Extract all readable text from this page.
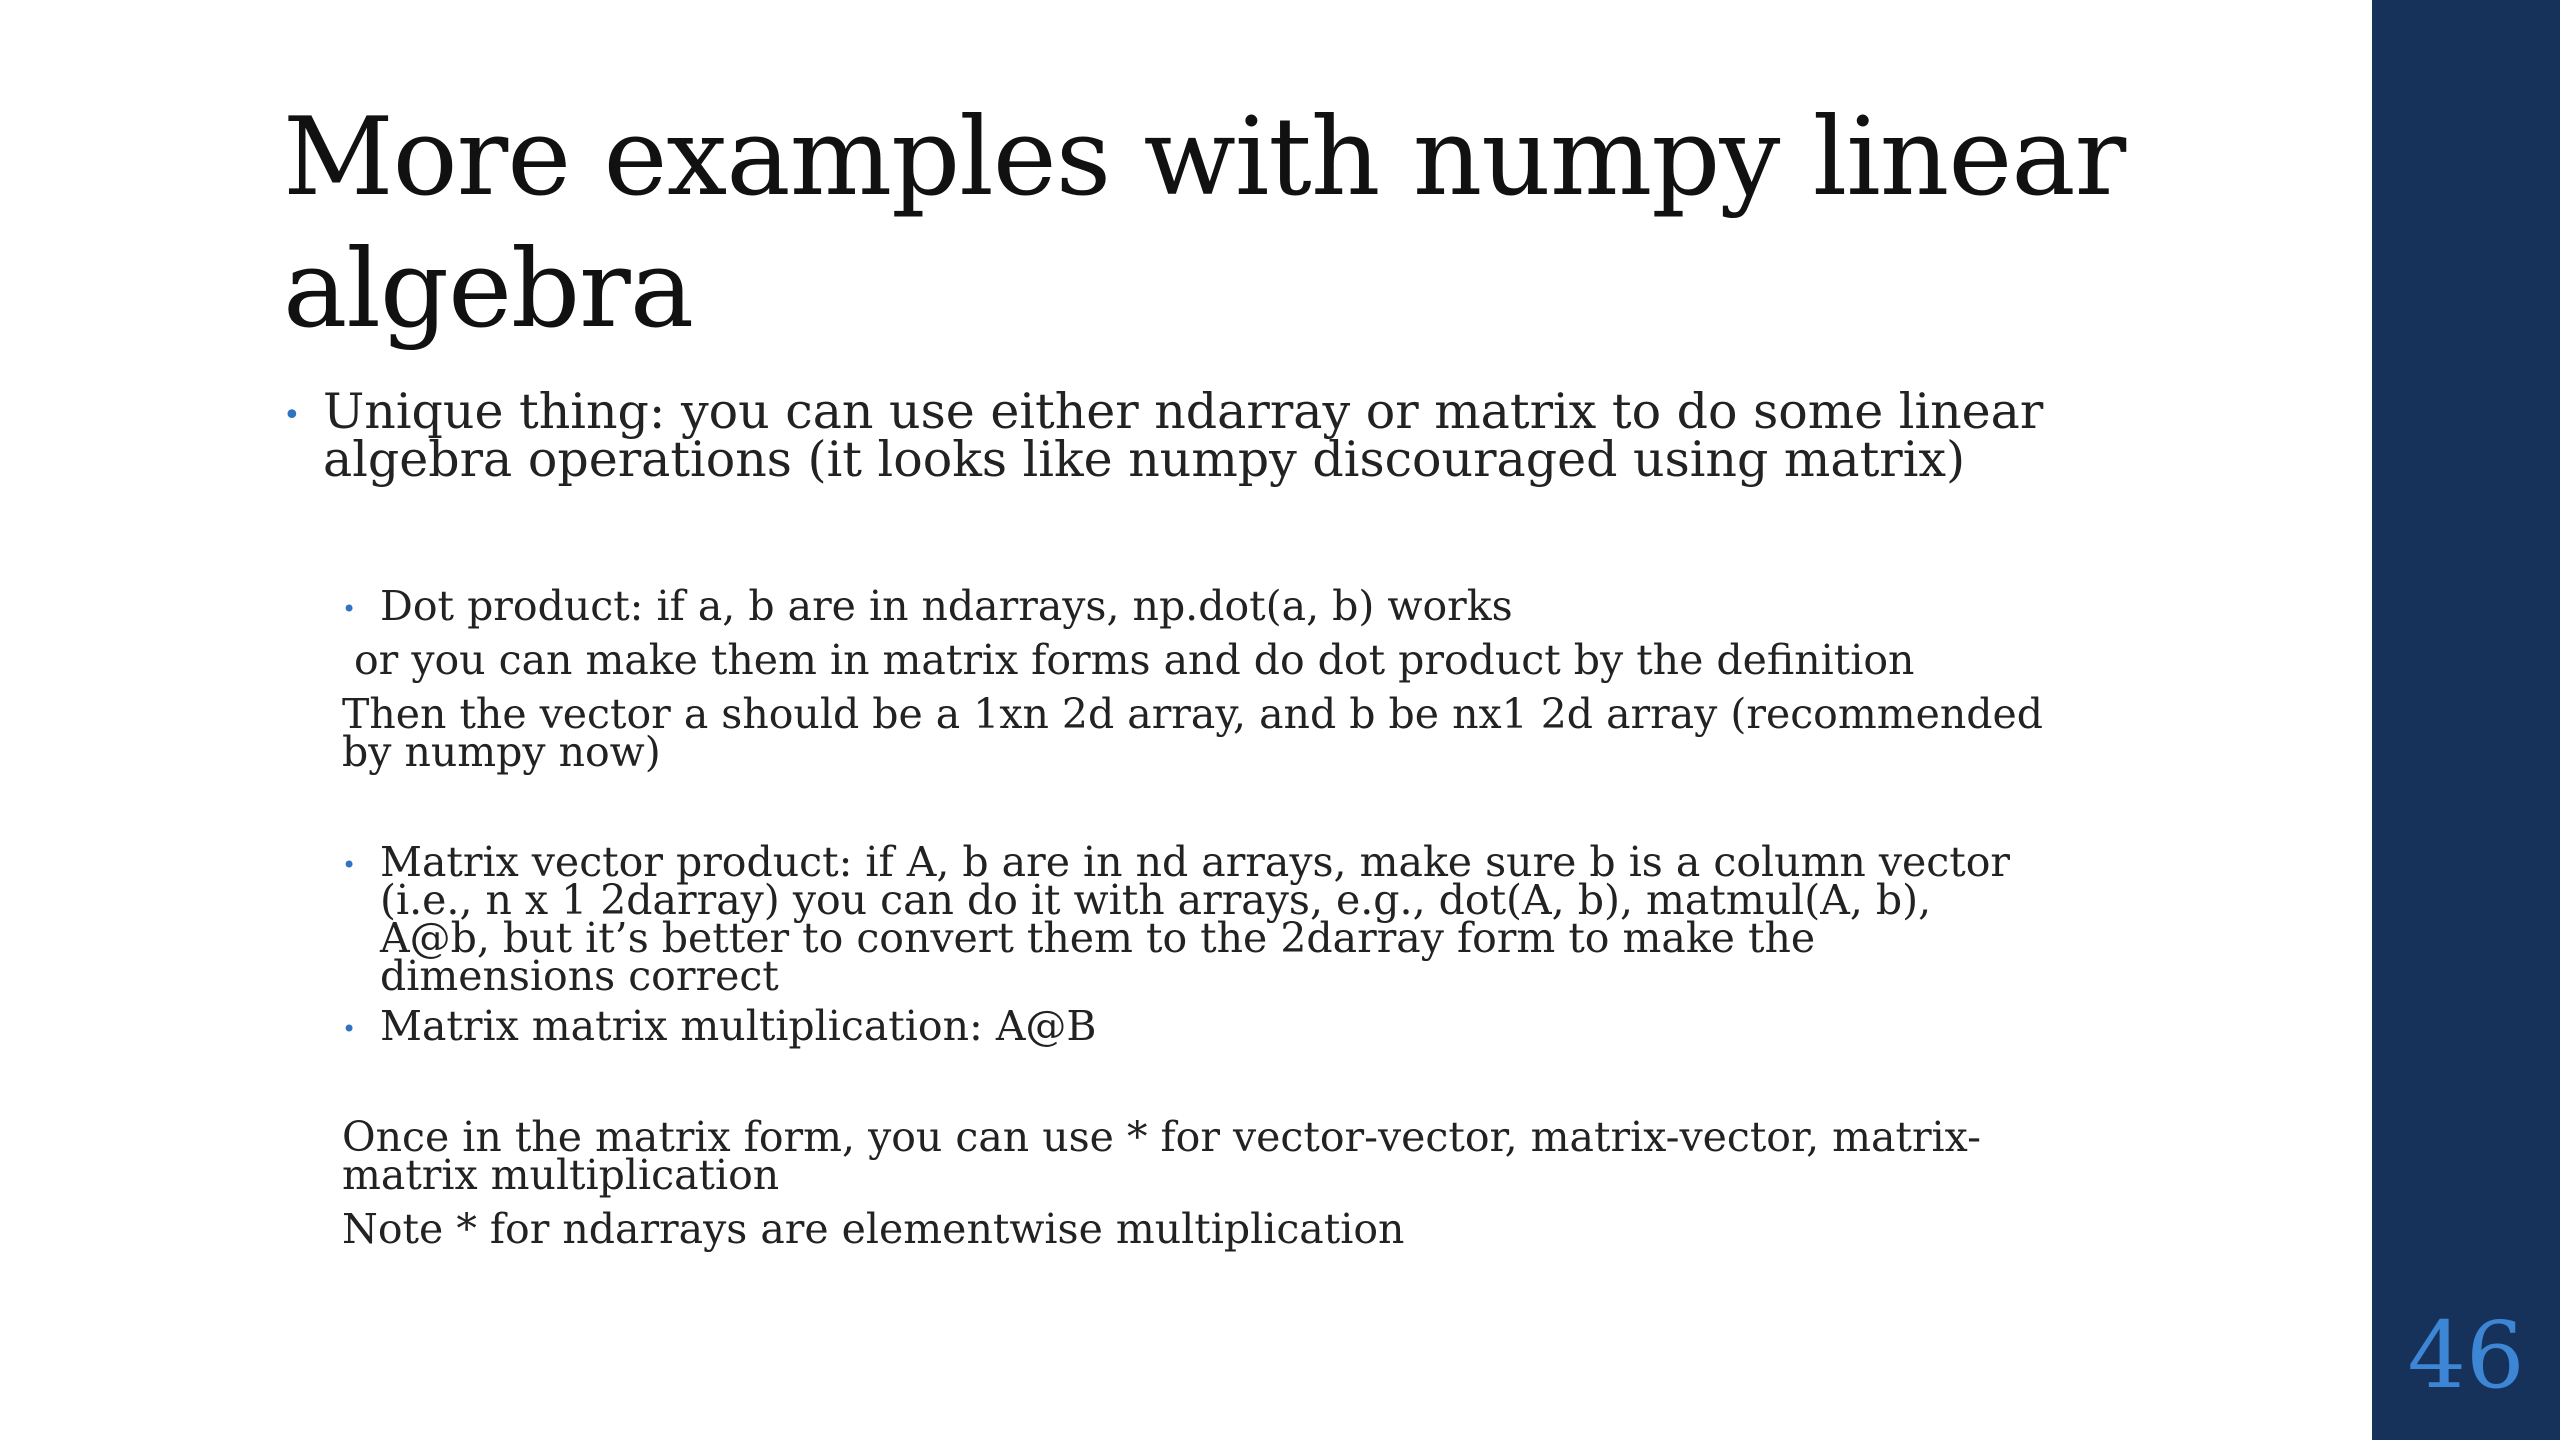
More examples with numpy linear algebra
• Unique thing: you can use either ndarray or matrix to do some linear algebra operations (it looks like numpy discouraged using matrix)

• Dot product: if a, b are in ndarrays, np.dot(a, b) works

or you can make them in matrix forms and do dot product by the definition

Then the vector a should be a 1xn 2d array, and b be nx1 2d array (recommended by numpy now)

• Matrix vector product: if A, b are in nd arrays, make sure b is a column vector (i.e., n x 1 2darray) you can do it with arrays, e.g., dot(A, b), matmul(A, b), A@b, but it’s better to convert them to the 2darray form to make the dimensions correct

• Matrix matrix multiplication: A@B

Once in the matrix form, you can use * for vector-vector, matrix-vector, matrix-matrix multiplication

Note * for ndarrays are elementwise multiplication

46
